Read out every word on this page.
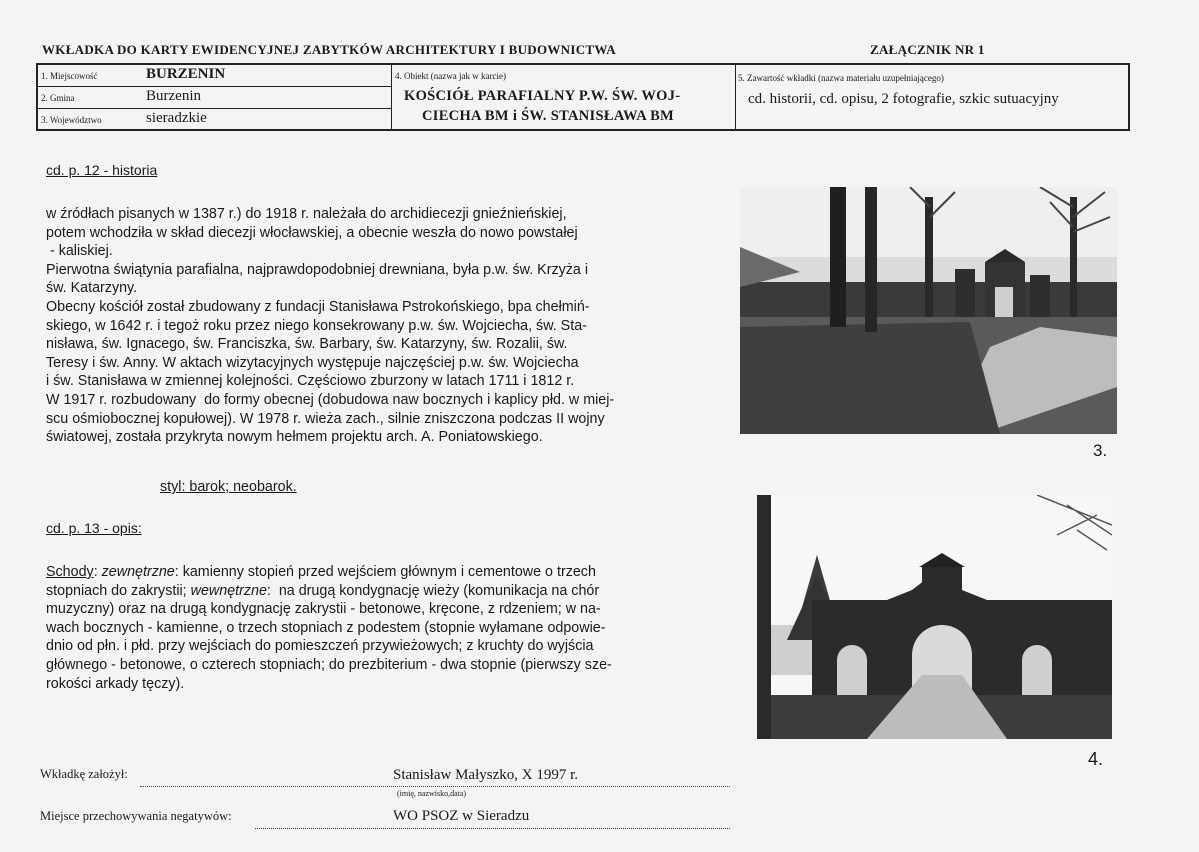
WKŁADKA DO KARTY EWIDENCYJNEJ ZABYTKÓW ARCHITEKTURY I BUDOWNICTWA	ZAŁĄCZNIK NR 1
1. Miejscowość	BURZENIN
2. Gmina	Burzenin
3. Województwo	sieradzkie
4. Obiekt (nazwa jak w karcie)
KOŚCIÓŁ PARAFIALNY P.W. ŚW. WOJ-
CIECHA BM i ŚW. STANISŁAWA BM
5. Zawartość wkładki (nazwa materiału uzupełniającego)
cd. historii, cd. opisu, 2 fotografie, szkic sutuacyjny
cd. p. 12 - historia
w źródłach pisanych w 1387 r.) do 1918 r. należała do archidiecezji gnieźnieńskiej,
potem wchodziła w skład diecezji włocławskiej, a obecnie weszła do nowo powstałej
- kaliskiej.
Pierwotna świątynia parafialna, najprawdopodobniej drewniana, była p.w. św. Krzyża i
św. Katarzyny.
Obecny kościół został zbudowany z fundacji Stanisława Pstrokońskiego, bpa chełmiń-
skiego, w 1642 r. i tegoż roku przez niego konsekrowany p.w. św. Wojciecha, św. Sta-
nisława, św. Ignacego, św. Franciszka, św. Barbary, św. Katarzyny, św. Rozalii, św.
Teresy i św. Anny. W aktach wizytacyjnych występuje najczęściej p.w. św. Wojciecha
i św. Stanisława w zmiennej kolejności. Częściowo zburzony w latach 1711 i 1812 r.
W 1917 r. rozbudowany  do formy obecnej (dobudowa naw bocznych i kaplicy płd. w miej-
scu ośmiobocznej kopułowej). W 1978 r. wieża zach., silnie zniszczona podczas II wojny
światowej, została przykryta nowym hełmem projektu arch. A. Poniatowskiego.
styl: barok; neobarok.
cd. p. 13 - opis:
Schody: zewnętrzne: kamienny stopień przed wejściem głównym i cementowe o trzech
stopniach do zakrystii; wewnętrzne:  na drugą kondygnację wieży (komunikacja na chór
muzyczny) oraz na drugą kondygnację zakrystii - betonowe, kręcone, z rdzeniem; w na-
wach bocznych - kamienne, o trzech stopniach z podestem (stopnie wyłamane odpowie-
dnio od płn. i płd. przy wejściach do pomieszczeń przywieżowych; z kruchty do wyjścia
głównego - betonowe, o czterech stopniach; do prezbiterium - dwa stopnie (pierwszy sze-
rokości arkady tęczy).
3.
4.
Wkładkę założył:	Stanisław Małyszko, X 1997 r.
(imię, nazwisko,data)
Miejsce przechowywania negatywów:	WO PSOZ w Sieradzu
